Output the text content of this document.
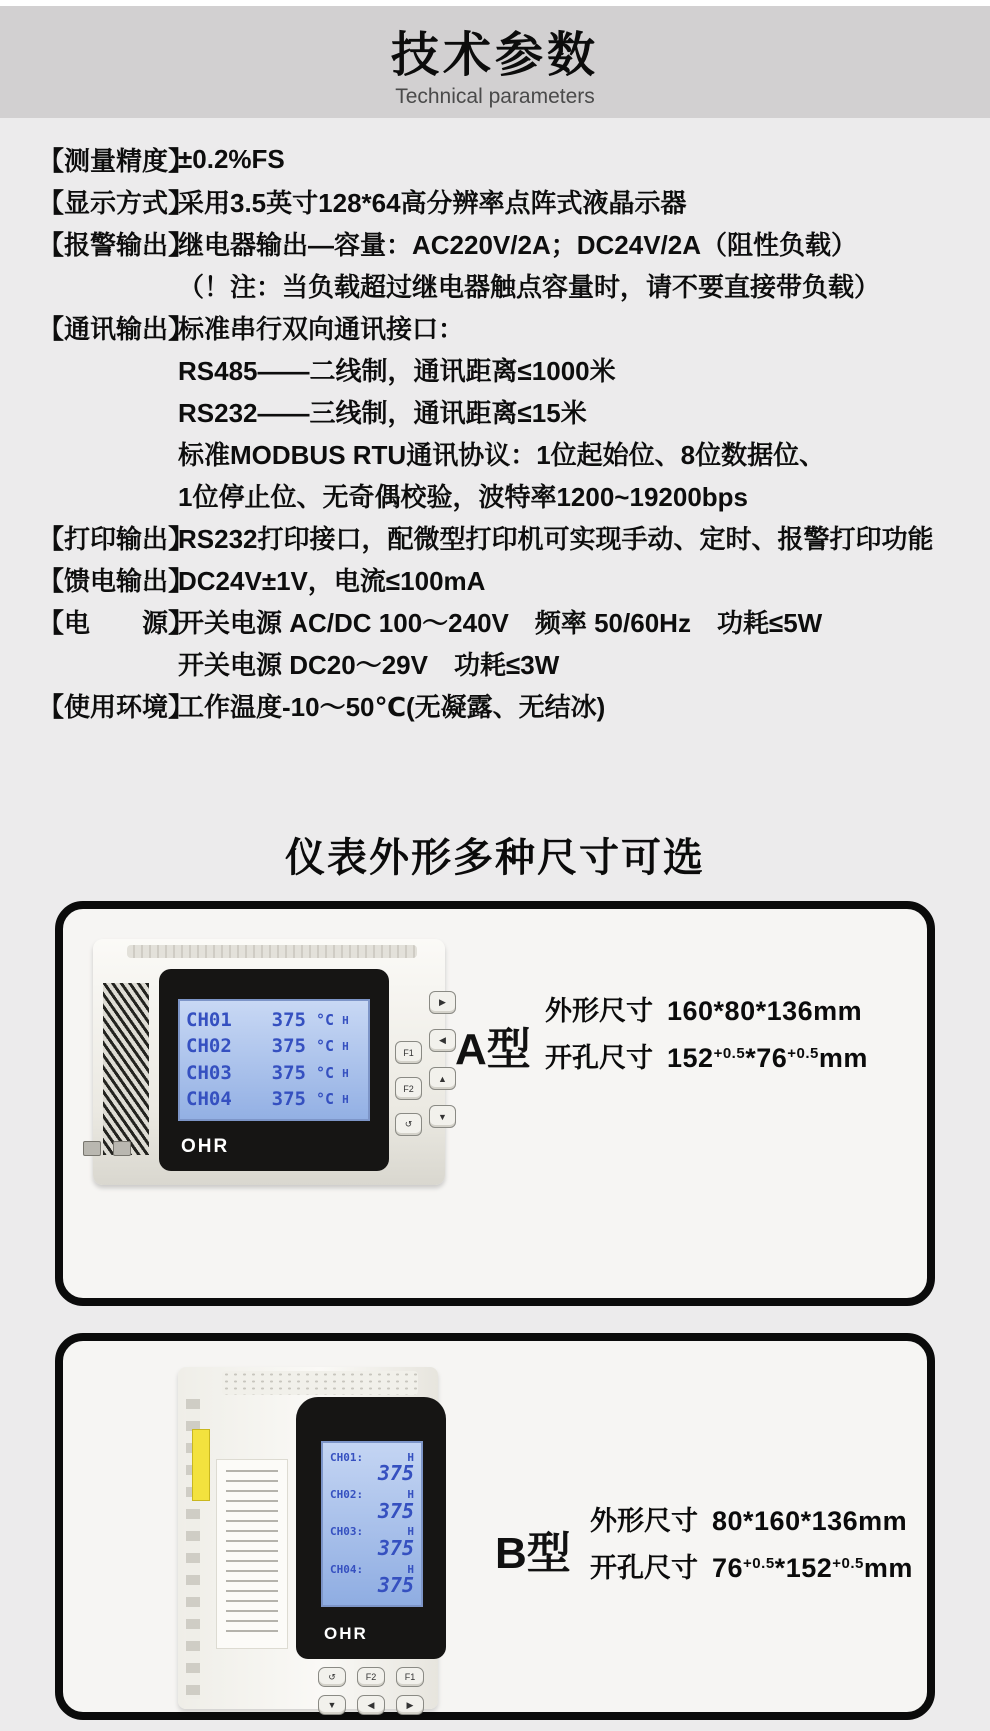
技术参数

Technical parameters

【测量精度】
±0.2%FS
【显示方式】
采用3.5英寸128*64高分辨率点阵式液晶示器
【报警输出】
继电器输出—容量：AC220V/2A；DC24V/2A（阻性负载）
（！注：当负载超过继电器触点容量时，请不要直接带负载）
【通讯输出】
标准串行双向通讯接口：
RS485——二线制，通讯距离≤1000米
RS232——三线制，通讯距离≤15米
标准MODBUS RTU通讯协议：1位起始位、8位数据位、
1位停止位、无奇偶校验，波特率1200~19200bps
【打印输出】
RS232打印接口，配微型打印机可实现手动、定时、报警打印功能
【馈电输出】
DC24V±1V，电流≤100mA
【电　　源】
开关电源 AC/DC 100～240V　频率 50/60Hz　功耗≤5W
开关电源 DC20～29V　功耗≤3W
【使用环境】
工作温度-10～50℃(无凝露、无结冰)
仪表外形多种尺寸可选
CH01	375 °C H
CH02	375 °C H
CH03	375 °C H
CH04	375 °C H
OHR
F1
F2
↺
▶
◀
▲
▼
A型
外形尺寸 160*80*136mm
开孔尺寸 $152^{+0.5}*76^{+0.5}mm$
CH01:	H
375
CH02:	H
375
CH03:	H
375
CH04:	H
375
OHR
↺	F2	F1
▼	◀	▶
B型
外形尺寸 80*160*136mm
开孔尺寸 $76^{+0.5}*152^{+0.5}mm$
